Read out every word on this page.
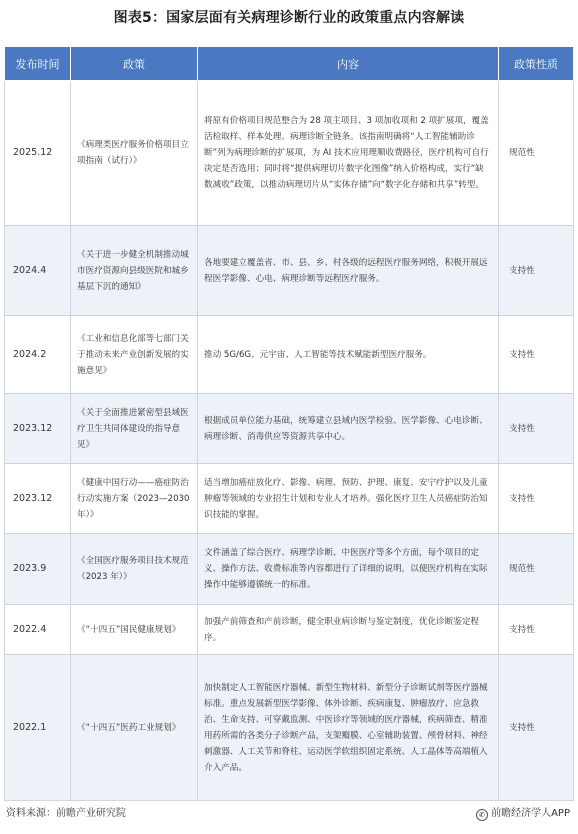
图表5：国家层面有关病理诊断行业的政策重点内容解读
发布时间	政策	内容	政策性质
2025.12	《病理类医疗服务价格项目立项指南（试行）》	将原有价格项目规范整合为 28 项主项目、3 项加收项和 2 项扩展项，覆盖活检取样、样本处理、病理诊断全链条。该指南明确将“人工智能辅助诊断”列为病理诊断的扩展项，为 AI 技术应用理顺收费路径，医疗机构可自行决定是否选用；同时将“提供病理切片数字化图像”纳入价格构成，实行“缺数减收”政策，以推动病理切片从“实体存储”向“数字化存储和共享”转型。	规范性
2024.4	《关于进一步健全机制推动城市医疗资源向县级医院和城乡基层下沉的通知》	各地要建立覆盖省、市、县、乡、村各级的远程医疗服务网络，积极开展远程医学影像、心电、病理诊断等远程医疗服务。	支持性
2024.2	《工业和信息化部等七部门关于推动未来产业创新发展的实施意见》	推动 5G/6G、元宇宙、人工智能等技术赋能新型医疗服务。	支持性
2023.12	《关于全面推进紧密型县域医疗卫生共同体建设的指导意见》	根据成员单位能力基础，统筹建立县域内医学检验、医学影像、心电诊断、病理诊断、消毒供应等资源共享中心。	支持性
2023.12	《健康中国行动——癌症防治行动实施方案（2023—2030 年）》	适当增加癌症放化疗、影像、病理、预防、护理、康复、安宁疗护以及儿童肿瘤等领域的专业招生计划和专业人才培养。强化医疗卫生人员癌症防治知识技能的掌握。	支持性
2023.9	《全国医疗服务项目技术规范（2023 年）》	文件涵盖了综合医疗、病理学诊断、中医医疗等多个方面，每个项目的定义、操作方法、收费标准等内容都进行了详细的说明，以便医疗机构在实际操作中能够遵循统一的标准。	规范性
2022.4	《“十四五”国民健康规划》	加强产前筛查和产前诊断，健全职业病诊断与鉴定制度，优化诊断鉴定程序。	支持性
2022.1	《“十四五”医药工业规划》	加快制定人工智能医疗器械、新型生物材料、新型分子诊断试剂等医疗器械标准。重点发展新型医学影像、体外诊断、疾病康复、肿瘤放疗、应急救治、生命支持、可穿戴监测、中医诊疗等领域的医疗器械，疾病筛查、精准用药所需的各类分子诊断产品，支架瓣膜、心室辅助装置、颅骨材料、神经刺激器、人工关节和脊柱、运动医学软组织固定系统、人工晶体等高端植入介入产品。	支持性
资料来源：前瞻产业研究院	✆ 前瞻经济学人APP
